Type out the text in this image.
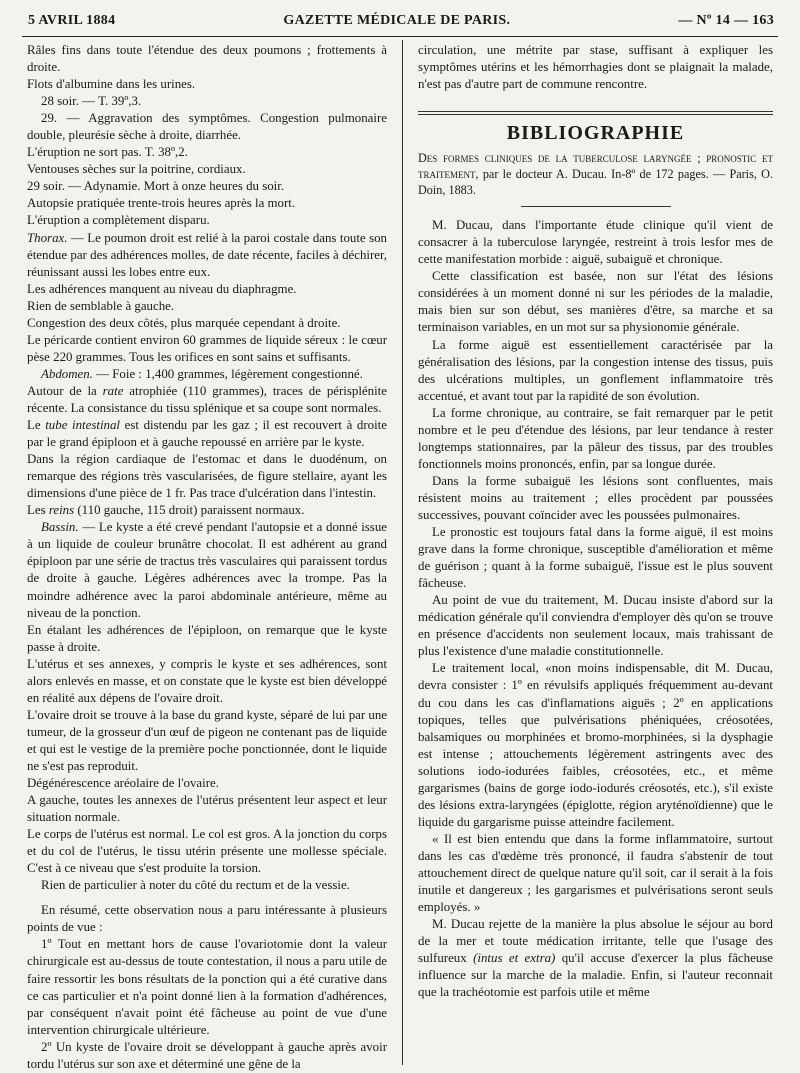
5 AVRIL 1884	GAZETTE MÉDICALE DE PARIS.	— Nº 14 — 163

Râles fins dans toute l'étendue des deux poumons ; frottements à droite.

Flots d'albumine dans les urines.

28 soir. — T. 39º,3.

29. — Aggravation des symptômes. Congestion pulmonaire double, pleurésie sèche à droite, diarrhée.

L'éruption ne sort pas. T. 38º,2.

Ventouses sèches sur la poitrine, cordiaux.

29 soir. — Adynamie. Mort à onze heures du soir.

Autopsie pratiquée trente-trois heures après la mort.

L'éruption a complètement disparu.

Thorax. — Le poumon droit est relié à la paroi costale dans toute son étendue par des adhérences molles, de date récente, faciles à déchirer, réunissant aussi les lobes entre eux.

Les adhérences manquent au niveau du diaphragme.

Rien de semblable à gauche.

Congestion des deux côtés, plus marquée cependant à droite.

Le péricarde contient environ 60 grammes de liquide séreux : le cœur pèse 220 grammes. Tous les orifices en sont sains et suffisants.

Abdomen. — Foie : 1,400 grammes, légèrement congestionné.

Autour de la rate atrophiée (110 grammes), traces de périsplénite récente. La consistance du tissu splénique et sa coupe sont normales.

Le tube intestinal est distendu par les gaz ; il est recouvert à droite par le grand épiploon et à gauche repoussé en arrière par le kyste.

Dans la région cardiaque de l'estomac et dans le duodénum, on remarque des régions très vascularisées, de figure stellaire, ayant les dimensions d'une pièce de 1 fr. Pas trace d'ulcération dans l'intestin.

Les reins (110 gauche, 115 droit) paraissent normaux.

Bassin. — Le kyste a été crevé pendant l'autopsie et a donné issue à un liquide de couleur brunâtre chocolat. Il est adhérent au grand épiploon par une série de tractus très vasculaires qui paraissent tordus de droite à gauche. Légères adhérences avec la trompe. Pas la moindre adhérence avec la paroi abdominale antérieure, même au niveau de la ponction.

En étalant les adhérences de l'épiploon, on remarque que le kyste passe à droite.

L'utérus et ses annexes, y compris le kyste et ses adhérences, sont alors enlevés en masse, et on constate que le kyste est bien développé en réalité aux dépens de l'ovaire droit.

L'ovaire droit se trouve à la base du grand kyste, séparé de lui par une tumeur, de la grosseur d'un œuf de pigeon ne contenant pas de liquide et qui est le vestige de la première poche ponctionnée, dont le liquide ne s'est pas reproduit.

Dégénérescence aréolaire de l'ovaire.

A gauche, toutes les annexes de l'utérus présentent leur aspect et leur situation normale.

Le corps de l'utérus est normal. Le col est gros. A la jonction du corps et du col de l'utérus, le tissu utérin présente une mollesse spéciale. C'est à ce niveau que s'est produite la torsion.

Rien de particulier à noter du côté du rectum et de la vessie.

En résumé, cette observation nous a paru intéressante à plusieurs points de vue :

1º Tout en mettant hors de cause l'ovariotomie dont la valeur chirurgicale est au-dessus de toute contestation, il nous a paru utile de faire ressortir les bons résultats de la ponction qui a été curative dans ce cas particulier et n'a point donné lien à la formation d'adhérences, par conséquent n'avait point été fâcheuse au point de vue d'une intervention chirurgicale ultérieure.

2º Un kyste de l'ovaire droit se développant à gauche après avoir tordu l'utérus sur son axe et déterminé une gêne de la

circulation, une métrite par stase, suffisant à expliquer les symptômes utérins et les hémorrhagies dont se plaignait la malade, n'est pas d'autre part de commune rencontre.

BIBLIOGRAPHIE

Des formes cliniques de la tuberculose laryngée ; pronostic et traitement, par le docteur A. Ducau. In-8º de 172 pages. — Paris, O. Doin, 1883.

M. Ducau, dans l'importante étude clinique qu'il vient de consacrer à la tuberculose laryngée, restreint à trois lesfor mes de cette manifestation morbide : aiguë, subaiguë et chronique.

Cette classification est basée, non sur l'état des lésions considérées à un moment donné ni sur les périodes de la maladie, mais bien sur son début, ses manières d'être, sa marche et sa terminaison variables, en un mot sur sa physionomie générale.

La forme aiguë est essentiellement caractérisée par la généralisation des lésions, par la congestion intense des tissus, puis des ulcérations multiples, un gonflement inflammatoire très accentué, et avant tout par la rapidité de son évolution.

La forme chronique, au contraire, se fait remarquer par le petit nombre et le peu d'étendue des lésions, par leur tendance à rester longtemps stationnaires, par la pâleur des tissus, par des troubles fonctionnels moins prononcés, enfin, par sa longue durée.

Dans la forme subaiguë les lésions sont confluentes, mais résistent moins au traitement ; elles procèdent par poussées successives, pouvant coïncider avec les poussées pulmonaires.

Le pronostic est toujours fatal dans la forme aiguë, il est moins grave dans la forme chronique, susceptible d'amélioration et même de guérison ; quant à la forme subaiguë, l'issue est le plus souvent fâcheuse.

Au point de vue du traitement, M. Ducau insiste d'abord sur la médication générale qu'il conviendra d'employer dès qu'on se trouve en présence d'accidents non seulement locaux, mais trahissant de plus l'existence d'une maladie constitutionnelle.

Le traitement local, «non moins indispensable, dit M. Ducau, devra consister : 1º en révulsifs appliqués fréquemment au-devant du cou dans les cas d'inflamations aiguës ; 2º en applications topiques, telles que pulvérisations phéniquées, créosotées, balsamiques ou morphinées et bromo-morphinées, si la dysphagie est intense ; attouchements légèrement astringents avec des solutions iodo-iodurées faibles, créosotées, etc., et même gargarismes (bains de gorge iodo-iodurés créosotés, etc.), s'il existe des lésions extra-laryngées (épiglotte, région aryténoïdienne) que le liquide du gargarisme puisse atteindre facilement.

« Il est bien entendu que dans la forme inflammatoire, surtout dans les cas d'œdème très prononcé, il faudra s'abstenir de tout attouchement direct de quelque nature qu'il soit, car il serait à la fois inutile et dangereux ; les gargarismes et pulvérisations seront seuls employés. »

M. Ducau rejette de la manière la plus absolue le séjour au bord de la mer et toute médication irritante, telle que l'usage des sulfureux (intus et extra) qu'il accuse d'exercer la plus fâcheuse influence sur la marche de la maladie. Enfin, si l'auteur reconnait que la trachéotomie est parfois utile et même
